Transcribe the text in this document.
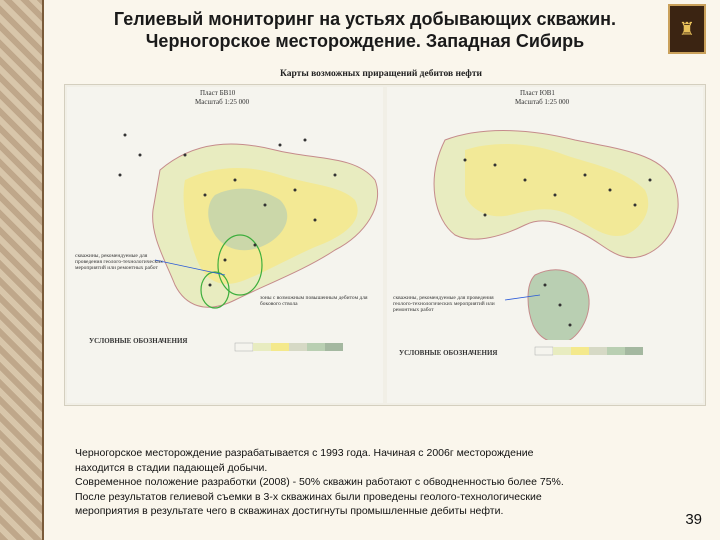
♜
Гелиевый мониторинг на устьях добывающих скважин.
Черногорское месторождение. Западная Сибирь
Карты возможных приращений дебитов нефти
Пласт БВ10
Масштаб 1:25 000
Пласт ЮВ1
Масштаб 1:25 000
УСЛОВНЫЕ ОБОЗНАЧЕНИЯ
УСЛОВНЫЕ ОБОЗНАЧЕНИЯ
скважины, рекомендуемые для проведения геолого-технологических мероприятий или ремонтных работ
зоны с возможным повышенным дебитом для бокового ствола
скважины, рекомендуемые для проведения геолого-технологических мероприятий или ремонтных работ

Черногорское месторождение разрабатывается с 1993 года. Начиная с 2006г месторождение

находится в стадии падающей добычи.

Современное положение разработки (2008) - 50% скважин работают с обводненностью более 75%.

После результатов гелиевой съемки в 3-х скважинах были проведены геолого-технологические

мероприятия в результате чего в скважинах достигнуты промышленные дебиты нефти.	39
